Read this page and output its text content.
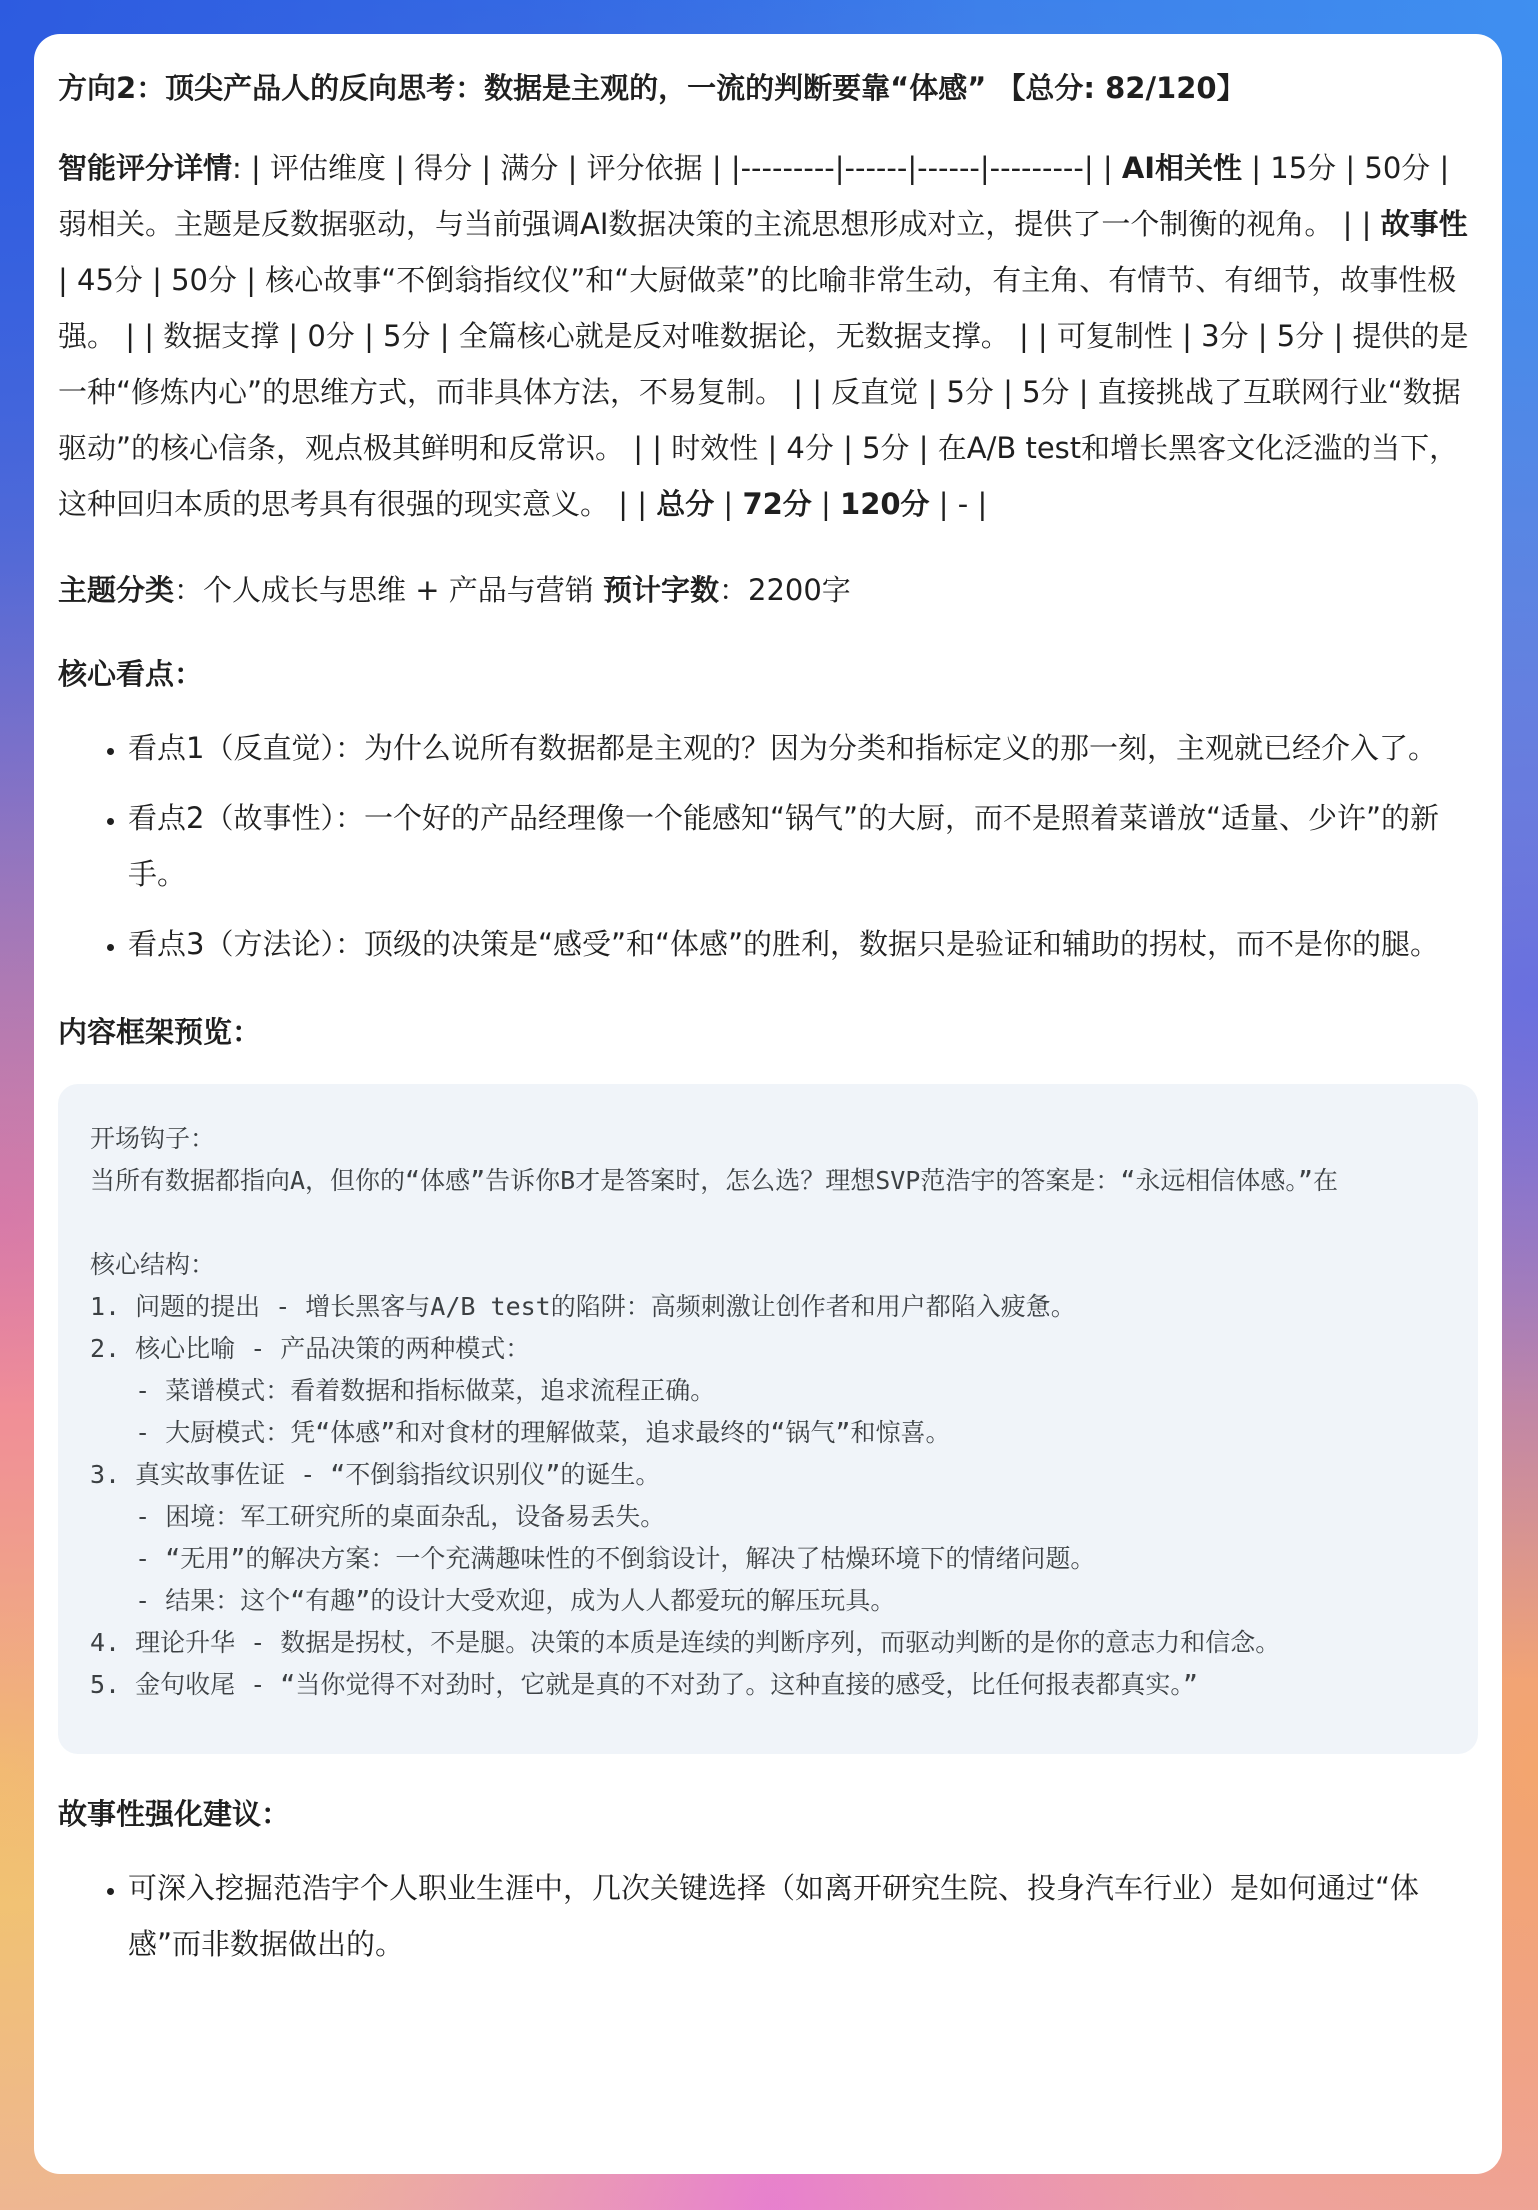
方向2：顶尖产品人的反向思考：数据是主观的，一流的判断要靠“体感” 【总分: 82/120】

智能评分详情: | 评估维度 | 得分 | 满分 | 评分依据 | |---------|------|------|---------| | AI相关性 | 15分 | 50分 | 弱相关。主题是反数据驱动，与当前强调AI数据决策的主流思想形成对立，提供了一个制衡的视角。 | | 故事性 | 45分 | 50分 | 核心故事“不倒翁指纹仪”和“大厨做菜”的比喻非常生动，有主角、有情节、有细节，故事性极强。 | | 数据支撑 | 0分 | 5分 | 全篇核心就是反对唯数据论，无数据支撑。 | | 可复制性 | 3分 | 5分 | 提供的是一种“修炼内心”的思维方式，而非具体方法，不易复制。 | | 反直觉 | 5分 | 5分 | 直接挑战了互联网行业“数据驱动”的核心信条，观点极其鲜明和反常识。 | | 时效性 | 4分 | 5分 | 在A/B test和增长黑客文化泛滥的当下，这种回归本质的思考具有很强的现实意义。 | | 总分 | 72分 | 120分 | - |

主题分类：个人成长与思维 + 产品与营销 预计字数：2200字

核心看点：

• 看点1（反直觉）：为什么说所有数据都是主观的？因为分类和指标定义的那一刻，主观就已经介入了。
• 看点2（故事性）：一个好的产品经理像一个能感知“锅气”的大厨，而不是照着菜谱放“适量、少许”的新手。
• 看点3（方法论）：顶级的决策是“感受”和“体感”的胜利，数据只是验证和辅助的拐杖，而不是你的腿。

内容框架预览：

开场钩子：
当所有数据都指向A，但你的“体感”告诉你B才是答案时，怎么选？理想SVP范浩宇的答案是：“永远相信体感。”在

核心结构：
1. 问题的提出 - 增长黑客与A/B test的陷阱：高频刺激让创作者和用户都陷入疲惫。
2. 核心比喻 - 产品决策的两种模式：
- 菜谱模式：看着数据和指标做菜，追求流程正确。
- 大厨模式：凭“体感”和对食材的理解做菜，追求最终的“锅气”和惊喜。
3. 真实故事佐证 - “不倒翁指纹识别仪”的诞生。
- 困境：军工研究所的桌面杂乱，设备易丢失。
- “无用”的解决方案：一个充满趣味性的不倒翁设计，解决了枯燥环境下的情绪问题。
- 结果：这个“有趣”的设计大受欢迎，成为人人都爱玩的解压玩具。
4. 理论升华 - 数据是拐杖，不是腿。决策的本质是连续的判断序列，而驱动判断的是你的意志力和信念。
5. 金句收尾 - “当你觉得不对劲时，它就是真的不对劲了。这种直接的感受，比任何报表都真实。”

故事性强化建议：

• 可深入挖掘范浩宇个人职业生涯中，几次关键选择（如离开研究生院、投身汽车行业）是如何通过“体感”而非数据做出的。
